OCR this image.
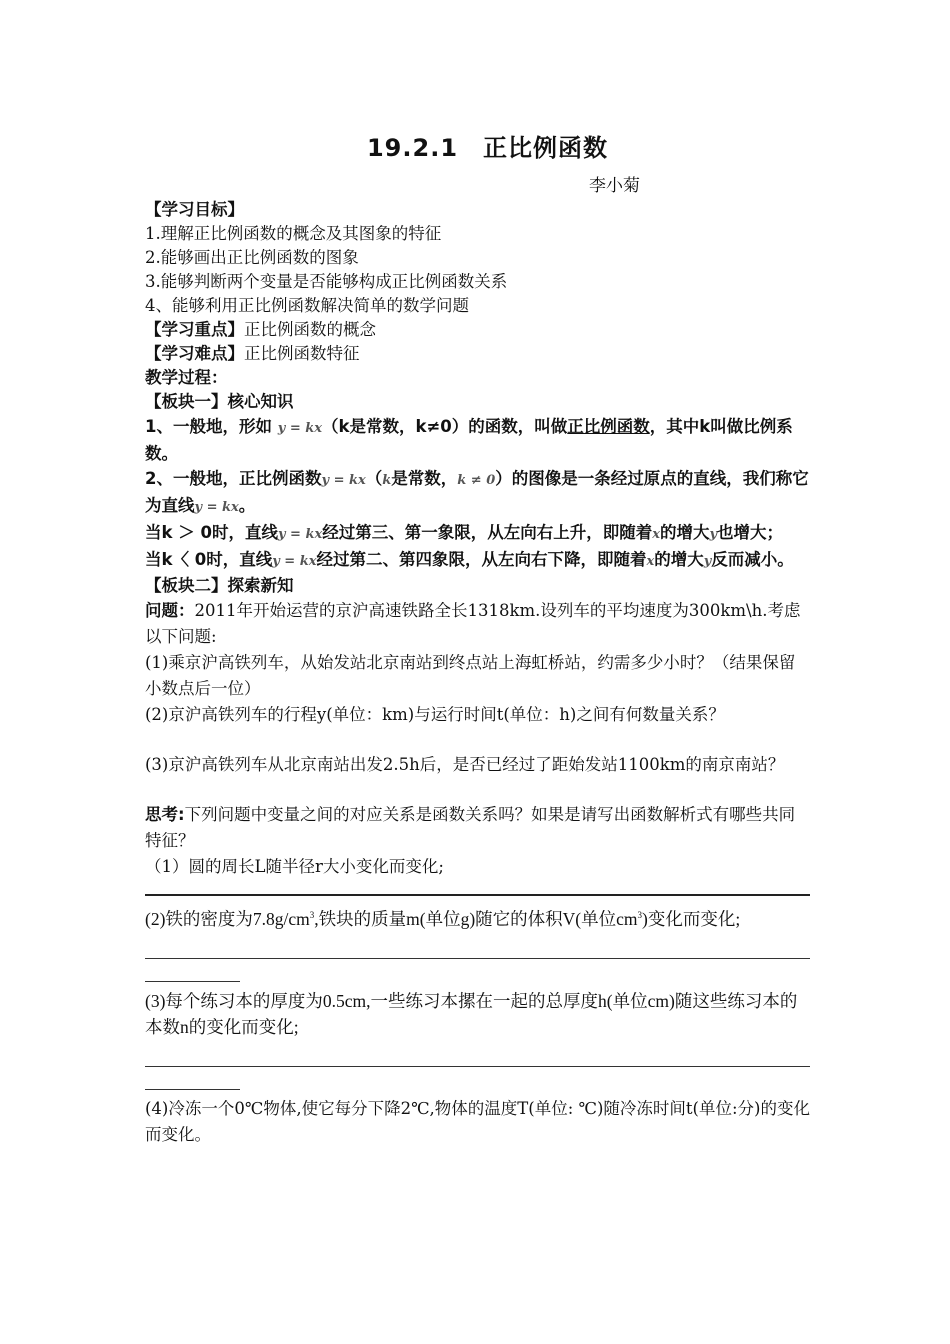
19.2.1　正比例函数
李小菊

【学习目标】

1.理解正比例函数的概念及其图象的特征

2.能够画出正比例函数的图象

3.能够判断两个变量是否能够构成正比例函数关系

4、能够利用正比例函数解决简单的数学问题

【学习重点】正比例函数的概念

【学习难点】正比例函数特征

教学过程：

【板块一】核心知识

1、一般地，形如 y = kx（k是常数，k≠0）的函数，叫做正比例函数，其中k叫做比例系数。

2、一般地，正比例函数y = kx（k是常数，k ≠ 0）的图像是一条经过原点的直线，我们称它为直线y = kx。

当k ＞ 0时，直线y = kx经过第三、第一象限，从左向右上升，即随着x的增大y也增大；

当k〈 0时，直线y = kx经过第二、第四象限，从左向右下降，即随着x的增大y反而减小。

【板块二】探索新知

问题：2011年开始运营的京沪高速铁路全长1318km.设列车的平均速度为300km\h.考虑以下问题:

(1)乘京沪高铁列车，从始发站北京南站到终点站上海虹桥站，约需多少小时？（结果保留小数点后一位）

(2)京沪高铁列车的行程y(单位：km)与运行时间t(单位：h)之间有何数量关系？

(3)京沪高铁列车从北京南站出发2.5h后，是否已经过了距始发站1100km的南京南站？

思考:下列问题中变量之间的对应关系是函数关系吗？如果是请写出函数解析式有哪些共同特征？

（1）圆的周长L随半径r大小变化而变化;

(2)铁的密度为$7.8g/cm^3$,铁块的质量m(单位g)随它的体积V(单位$cm^3$)变化而变化;

(3)每个练习本的厚度为0.5cm,一些练习本摞在一起的总厚度h(单位cm)随这些练习本的本数n的变化而变化;

(4)冷冻一个0℃物体,使它每分下降2℃,物体的温度T(单位: ℃)随冷冻时间t(单位:分)的变化而变化。
